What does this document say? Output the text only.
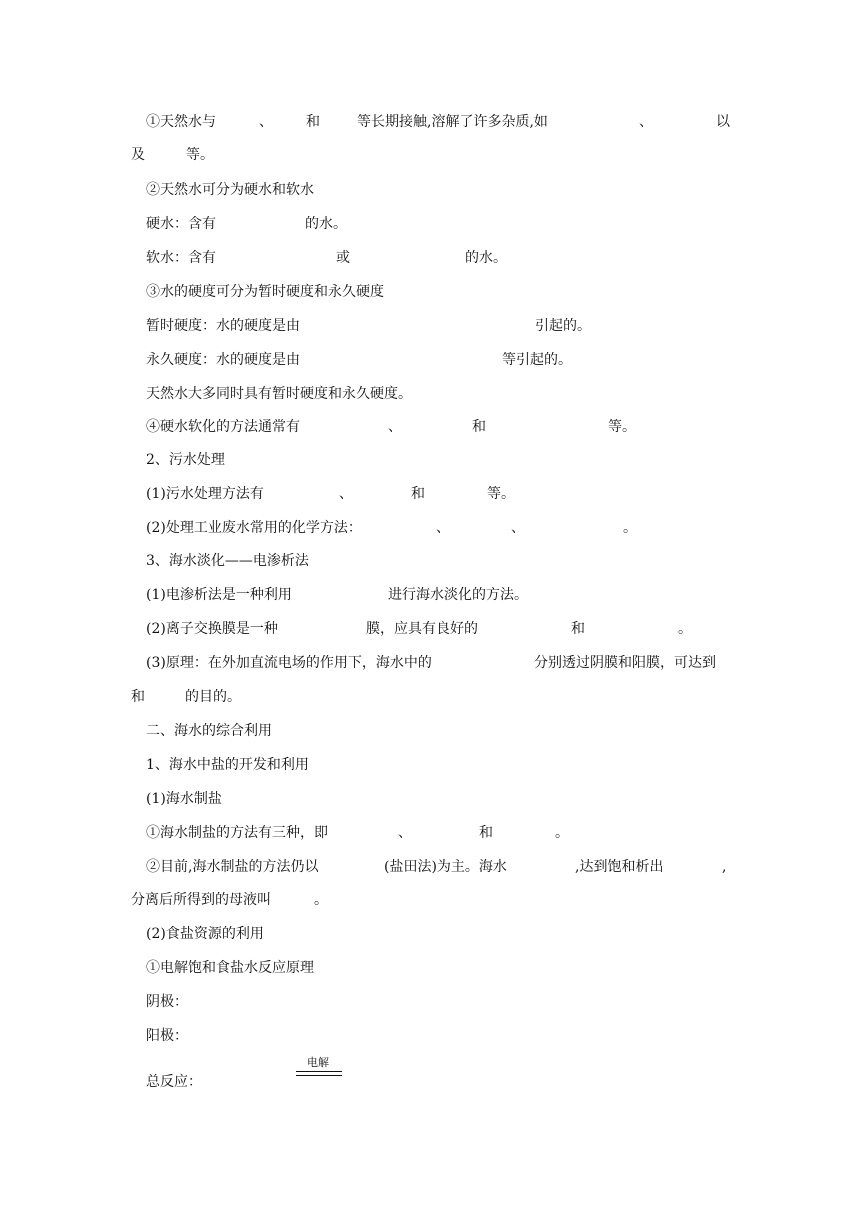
①天然水与	、 和	等长期接触,溶解了许多杂质,如	、	以
及	等。
②天然水可分为硬水和软水
硬水：含有	的水。
软水：含有	或	的水。
③水的硬度可分为暂时硬度和永久硬度
暂时硬度：水的硬度是由	引起的。
永久硬度：水的硬度是由	等引起的。
天然水大多同时具有暂时硬度和永久硬度。
④硬水软化的方法通常有	、	和	等。
2、污水处理
(1)污水处理方法有	、	和	等。
(2)处理工业废水常用的化学方法：	、	、	。
3、海水淡化——电渗析法
(1)电渗析法是一种利用	进行海水淡化的方法。
(2)离子交换膜是一种	膜，应具有良好的	和	。
(3)原理：在外加直流电场的作用下，海水中的	分别透过阴膜和阳膜，可达到
和	的目的。
二、海水的综合利用
1、海水中盐的开发和利用
(1)海水制盐
①海水制盐的方法有三种，即	、	和	。
②目前,海水制盐的方法仍以	(盐田法)为主。海水	,达到饱和析出	,
分离后所得到的母液叫	。
(2)食盐资源的利用
①电解饱和食盐水反应原理
阴极：
阳极：
总反应：
电解
